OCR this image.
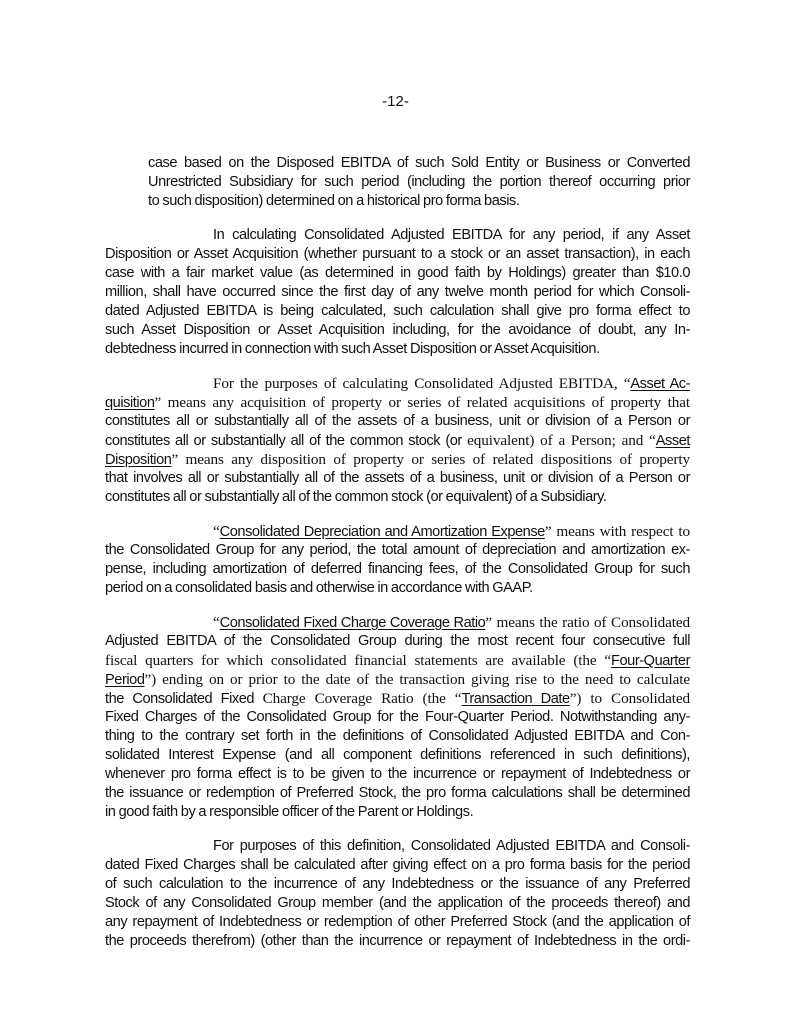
-12-
case based on the Disposed EBITDA of such Sold Entity or Business or Converted
Unrestricted Subsidiary for such period (including the portion thereof occurring prior
to such disposition) determined on a historical pro forma basis.
In calculating Consolidated Adjusted EBITDA for any period, if any Asset
Disposition or Asset Acquisition (whether pursuant to a stock or an asset transaction), in each
case with a fair market value (as determined in good faith by Holdings) greater than $10.0
million, shall have occurred since the first day of any twelve month period for which Consoli-
dated Adjusted EBITDA is being calculated, such calculation shall give pro forma effect to
such Asset Disposition or Asset Acquisition including, for the avoidance of doubt, any In-
debtedness incurred in connection with such Asset Disposition or Asset Acquisition.
For the purposes of calculating Consolidated Adjusted EBITDA, “Asset Ac-
quisition” means any acquisition of property or series of related acquisitions of property that
constitutes all or substantially all of the assets of a business, unit or division of a Person or
constitutes all or substantially all of the common stock (or equivalent) of a Person; and “Asset
Disposition” means any disposition of property or series of related dispositions of property
that involves all or substantially all of the assets of a business, unit or division of a Person or
constitutes all or substantially all of the common stock (or equivalent) of a Subsidiary.
“Consolidated Depreciation and Amortization Expense” means with respect to
the Consolidated Group for any period, the total amount of depreciation and amortization ex-
pense, including amortization of deferred financing fees, of the Consolidated Group for such
period on a consolidated basis and otherwise in accordance with GAAP.
“Consolidated Fixed Charge Coverage Ratio” means the ratio of Consolidated
Adjusted EBITDA of the Consolidated Group during the most recent four consecutive full
fiscal quarters for which consolidated financial statements are available (the “Four-Quarter
Period”) ending on or prior to the date of the transaction giving rise to the need to calculate
the Consolidated Fixed Charge Coverage Ratio (the “Transaction Date”) to Consolidated
Fixed Charges of the Consolidated Group for the Four-Quarter Period. Notwithstanding any-
thing to the contrary set forth in the definitions of Consolidated Adjusted EBITDA and Con-
solidated Interest Expense (and all component definitions referenced in such definitions),
whenever pro forma effect is to be given to the incurrence or repayment of Indebtedness or
the issuance or redemption of Preferred Stock, the pro forma calculations shall be determined
in good faith by a responsible officer of the Parent or Holdings.
For purposes of this definition, Consolidated Adjusted EBITDA and Consoli-
dated Fixed Charges shall be calculated after giving effect on a pro forma basis for the period
of such calculation to the incurrence of any Indebtedness or the issuance of any Preferred
Stock of any Consolidated Group member (and the application of the proceeds thereof) and
any repayment of Indebtedness or redemption of other Preferred Stock (and the application of
the proceeds therefrom) (other than the incurrence or repayment of Indebtedness in the ordi-
